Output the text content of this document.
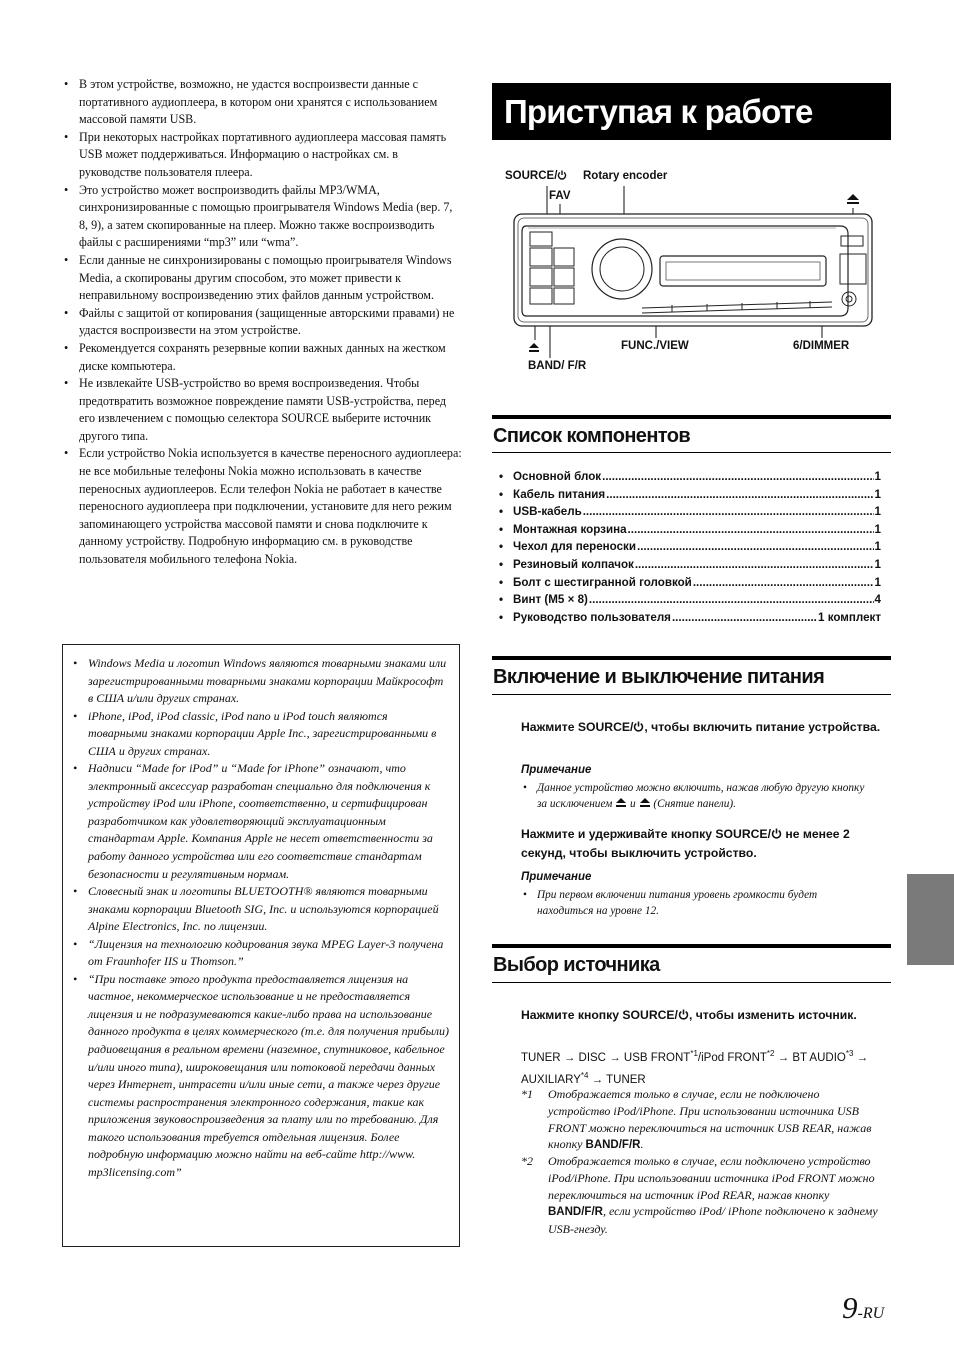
• В этом устройстве, возможно, не удастся воспроизвести данные с портативного аудиоплеера, в котором они хранятся с использованием массовой памяти USB.
• При некоторых настройках портативного аудиоплеера массовая память USB может поддерживаться. Информацию о настройках см. в руководстве пользователя плеера.
• Это устройство может воспроизводить файлы MP3/WMA, синхронизированные с помощью проигрывателя Windows Media (вер. 7, 8, 9), а затем скопированные на плеер. Можно также воспроизводить файлы с расширениями “mp3” или “wma”.
• Если данные не синхронизированы с помощью проигрывателя Windows Media, а скопированы другим способом, это может привести к неправильному воспроизведению этих файлов данным устройством.
• Файлы с защитой от копирования (защищенные авторскими правами) не удастся воспроизвести на этом устройстве.
• Рекомендуется сохранять резервные копии важных данных на жестком диске компьютера.
• Не извлекайте USB-устройство во время воспроизведения. Чтобы предотвратить возможное повреждение памяти USB-устройства, перед его извлечением с помощью селектора SOURCE выберите источник другого типа.
• Если устройство Nokia используется в качестве переносного аудиоплеера:
не все мобильные телефоны Nokia можно использовать в качестве переносных аудиоплееров. Если телефон Nokia не работает в качестве переносного аудиоплеера при подключении, установите для него режим запоминающего устройства массовой памяти и снова подключите к данному устройству. Подробную информацию см. в руководстве пользователя мобильного телефона Nokia.
• Windows Media и логотип Windows являются товарными знаками или зарегистрированными товарными знаками корпорации Майкрософт в США и/или других странах.
• iPhone, iPod, iPod classic, iPod nano и iPod touch являются товарными знаками корпорации Apple Inc., зарегистрированными в США и других странах.
• Надписи “Made for iPod” и “Made for iPhone” означают, что электронный аксессуар разработан специально для подключения к устройству iPod или iPhone, соответственно, и сертифицирован разработчиком как удовлетворяющий эксплуатационным стандартам Apple. Компания Apple не несет ответственности за работу данного устройства или его соответствие стандартам безопасности и регулятивным нормам.
• Словесный знак и логотипы BLUETOOTH® являются товарными знаками корпорации Bluetooth SIG, Inc. и используются корпорацией Alpine Electronics, Inc. по лицензии.
• “Лицензия на технологию кодирования звука MPEG Layer-3 получена от Fraunhofer IIS и Thomson.”
• “При поставке этого продукта предоставляется лицензия на частное, некоммерческое использование и не предоставляется лицензия и не подразумеваются какие-либо права на использование данного продукта в целях коммерческого (т.е. для получения прибыли) радиовещания в реальном времени (наземное, спутниковое, кабельное и/или иного типа), широковещания или потоковой передачи данных через Интернет, интрасети и/или иные сети, а также через другие системы распространения электронного содержания, такие как приложения звуковоспроизведения за плату или по требованию. Для такого использования требуется отдельная лицензия. Более подробную информацию можно найти на веб-сайте http://www. mp3licensing.com”
Приступая к работе
SOURCE/	Rotary encoder
FAV
FUNC./VIEW	6/DIMMER
BAND/ F/R
Список компонентов
• Основной блок .....	1
• Кабель питания .....	1
• USB-кабель .....	1
• Монтажная корзина .....	1
• Чехол для переноски .....	1
• Резиновый колпачок .....	1
• Болт с шестигранной головкой .....	1
• Винт (M5 × 8) .....	4
• Руководство пользователя .....	1 комплект
Включение и выключение питания
Нажмите SOURCE/ , чтобы включить питание устройства.
Примечание
• Данное устройство можно включить, нажав любую другую кнопку за исключением  и  (Снятие панели).
Нажмите и удерживайте кнопку SOURCE/ не менее 2 секунд, чтобы выключить устройство.
Примечание
• При первом включении питания уровень громкости будет находиться на уровне 12.
Выбор источника
Нажмите кнопку SOURCE/ , чтобы изменить источник.
TUNER → DISC → USB FRONT$^{*1}$/iPod $FRONT^{*2}$ → BT $AUDIO^{*3}$ →
$AUXILIARY^{*4}$ → TUNER
*1 Отображается только в случае, если не подключено устройство iPod/iPhone. При использовании источника USB FRONT можно переключиться на источник USB REAR, нажав кнопку BAND/F/R.
*2 Отображается только в случае, если подключено устройство iPod/iPhone. При использовании источника iPod FRONT можно переключиться на источник iPod REAR, нажав кнопку BAND/F/R, если устройство iPod/ iPhone подключено к заднему USB-гнезду.
9-RU
